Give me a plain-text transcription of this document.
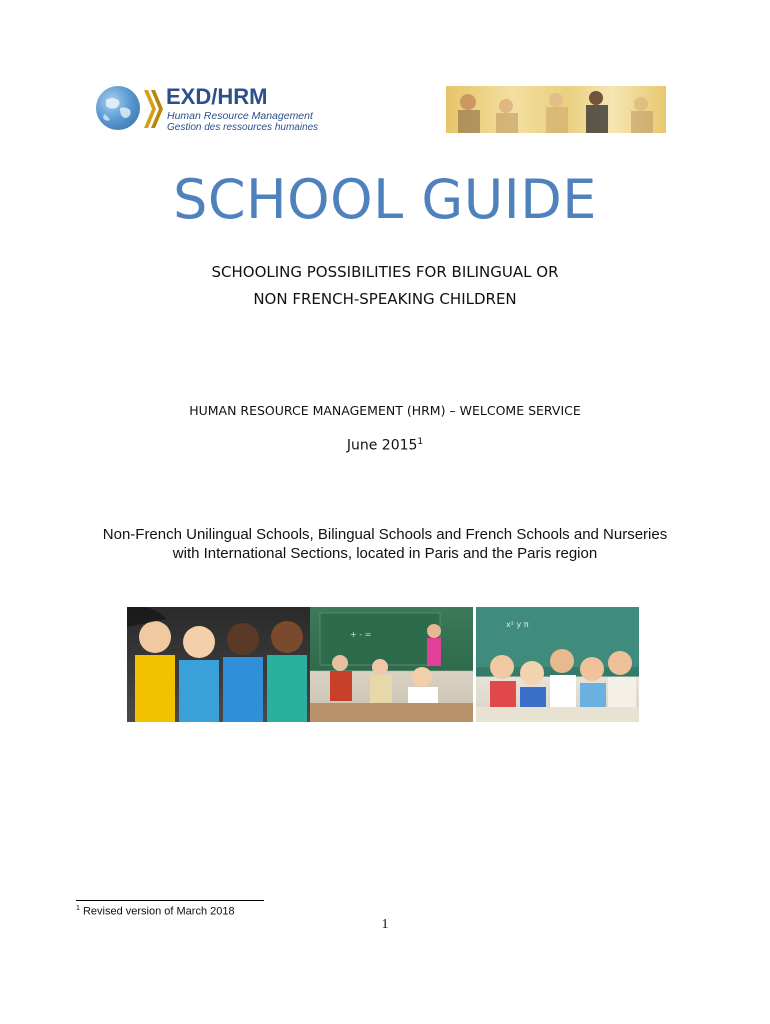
EXD/HRM
Human Resource Management
Gestion des ressources humaines
SCHOOL GUIDE
SCHOOLING POSSIBILITIES FOR BILINGUAL OR
NON FRENCH-SPEAKING CHILDREN
HUMAN RESOURCE MANAGEMENT (HRM) – WELCOME SERVICE
June 2015$^1$
Non-French Unilingual Schools, Bilingual Schools and French Schools and Nurseries
with International Sections, located in Paris and the Paris region
+ - =
x² y π
$^1$ Revised version of March 2018
1
